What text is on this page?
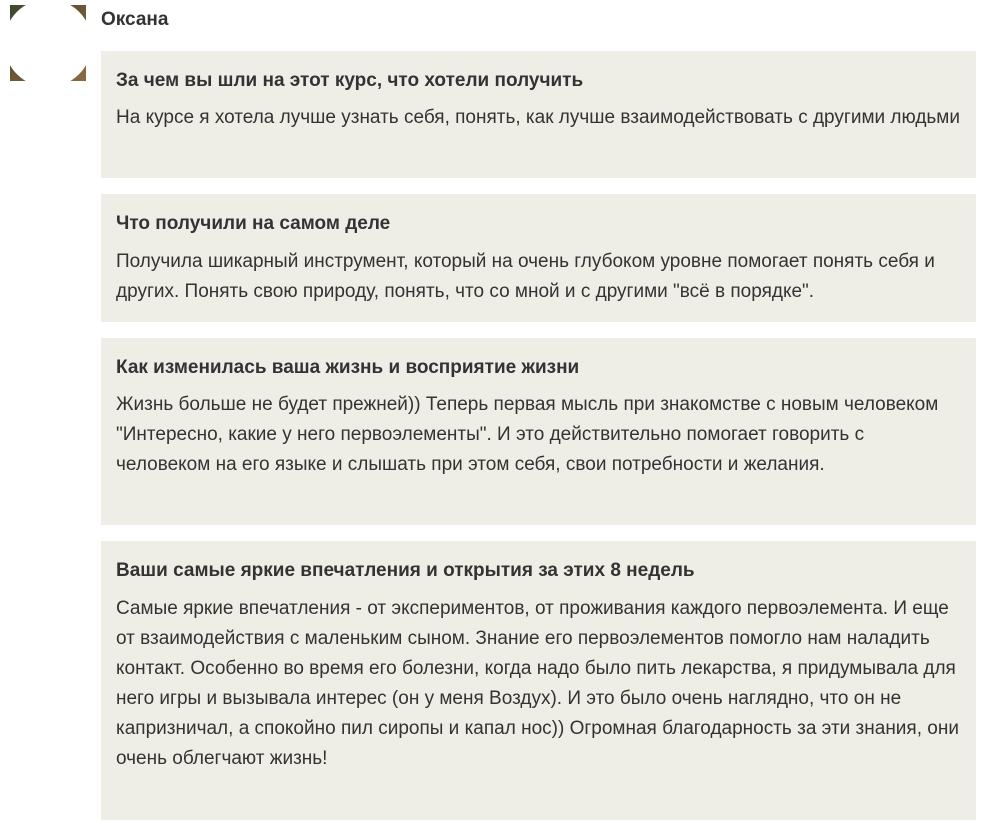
Оксана
За чем вы шли на этот курс, что хотели получить

На курсе я хотела лучше узнать себя, понять, как лучше взаимодействовать с другими людьми

Что получили на самом деле

Получила шикарный инструмент, который на очень глубоком уровне помогает понять себя и других. Понять свою природу, понять, что со мной и с другими "всё в порядке".

Как изменилась ваша жизнь и восприятие жизни

Жизнь больше не будет прежней)) Теперь первая мысль при знакомстве с новым человеком "Интересно, какие у него первоэлементы". И это действительно помогает говорить с человеком на его языке и слышать при этом себя, свои потребности и желания.

Ваши самые яркие впечатления и открытия за этих 8 недель

Самые яркие впечатления - от экспериментов, от проживания каждого первоэлемента. И еще от взаимодействия с маленьким сыном. Знание его первоэлементов помогло нам наладить контакт. Особенно во время его болезни, когда надо было пить лекарства, я придумывала для него игры и вызывала интерес (он у меня Воздух). И это было очень наглядно, что он не капризничал, а спокойно пил сиропы и капал нос)) Огромная благодарность за эти знания, они очень облегчают жизнь!
